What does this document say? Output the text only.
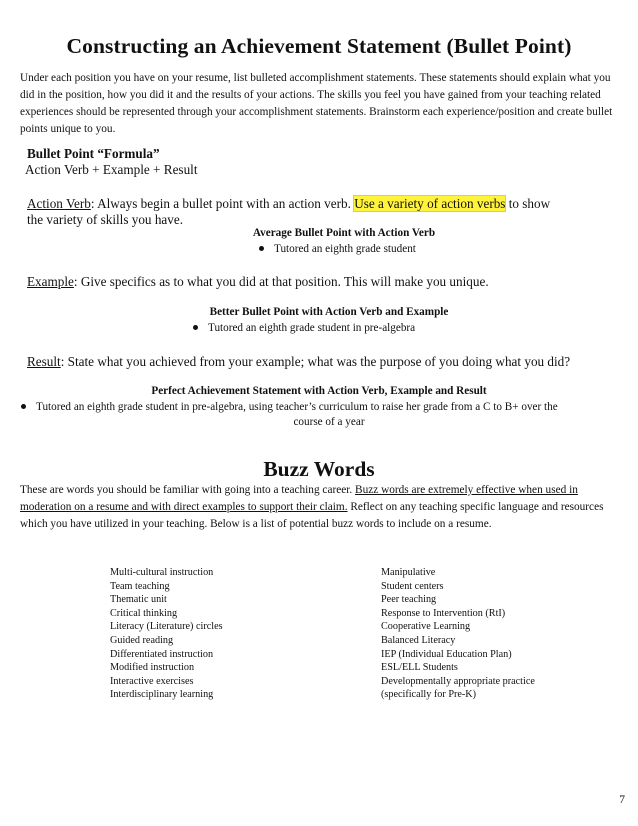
Constructing an Achievement Statement (Bullet Point)
Under each position you have on your resume, list bulleted accomplishment statements. These statements should explain what you did in the position, how you did it and the results of your actions. The skills you feel you have gained from your teaching related experiences should be represented through your accomplishment statements. Brainstorm each experience/position and create bullet points unique to you.
Bullet Point “Formula”
Action Verb + Example + Result
Action Verb: Always begin a bullet point with an action verb. Use a variety of action verbs to show
the variety of skills you have.
Average Bullet Point with Action Verb
Tutored an eighth grade student
Example: Give specifics as to what you did at that position. This will make you unique.
Better Bullet Point with Action Verb and Example
Tutored an eighth grade student in pre-algebra
Result: State what you achieved from your example; what was the purpose of you doing what you did?
Perfect Achievement Statement with Action Verb, Example and Result
Tutored an eighth grade student in pre-algebra, using teacher’s curriculum to raise her grade from a C to B+ over the
course of a year
Buzz Words
These are words you should be familiar with going into a teaching career. Buzz words are extremely effective when used in moderation on a resume and with direct examples to support their claim. Reflect on any teaching specific language and resources which you have utilized in your teaching. Below is a list of potential buzz words to include on a resume.
Multi-cultural instruction
Team teaching
Thematic unit
Critical thinking
Literacy (Literature) circles
Guided reading
Differentiated instruction
Modified instruction
Interactive exercises
Interdisciplinary learning
Manipulative
Student centers
Peer teaching
Response to Intervention (RtI)
Cooperative Learning
Balanced Literacy
IEP (Individual Education Plan)
ESL/ELL Students
Developmentally appropriate practice
(specifically for Pre-K)
7
